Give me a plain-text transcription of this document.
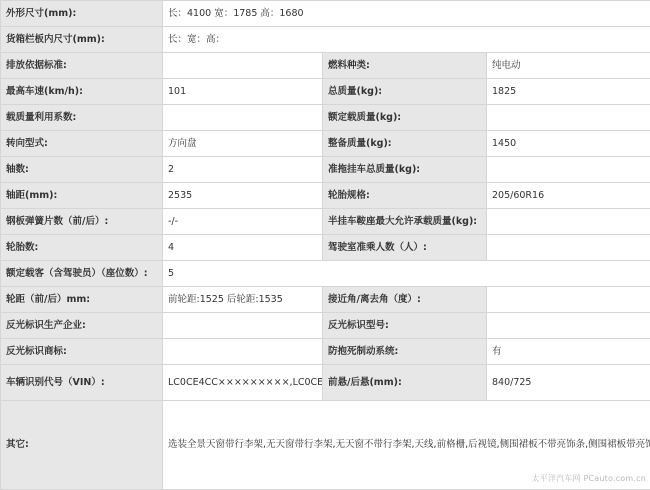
外形尺寸(mm):	长：4100 宽：1785 高：1680		
货箱栏板内尺寸(mm):	长：宽：高：		
排放依据标准:		燃料种类:	纯电动
最高车速(km/h):	101	总质量(kg):	1825
载质量利用系数:		额定载质量(kg):	
转向型式:	方向盘	整备质量(kg):	1450
轴数:	2	准拖挂车总质量(kg):	
轴距(mm):	2535	轮胎规格:	205/60R16
钢板弹簧片数（前/后）:	-/-	半挂车鞍座最大允许承载质量(kg):	
轮胎数:	4	驾驶室准乘人数（人）:	
额定载客（含驾驶员）（座位数）:	5		
轮距（前/后）mm:	前轮距:1525 后轮距:1535	接近角/离去角（度）:	
反光标识生产企业:		反光标识型号:	
反光标识商标:		防抱死制动系统:	有
车辆识别代号（VIN）:	LC0CE4CC×××××××××,LC0CE	前悬/后悬(mm):	840/725
其它:	选装全景天窗带行李架,无天窗带行李架,无天窗不带行李架,天线,前格栅,后视镜,侧围裙板不带亮饰条,侧围裙板带亮		
太平洋汽车网 PCauto.com.cn
